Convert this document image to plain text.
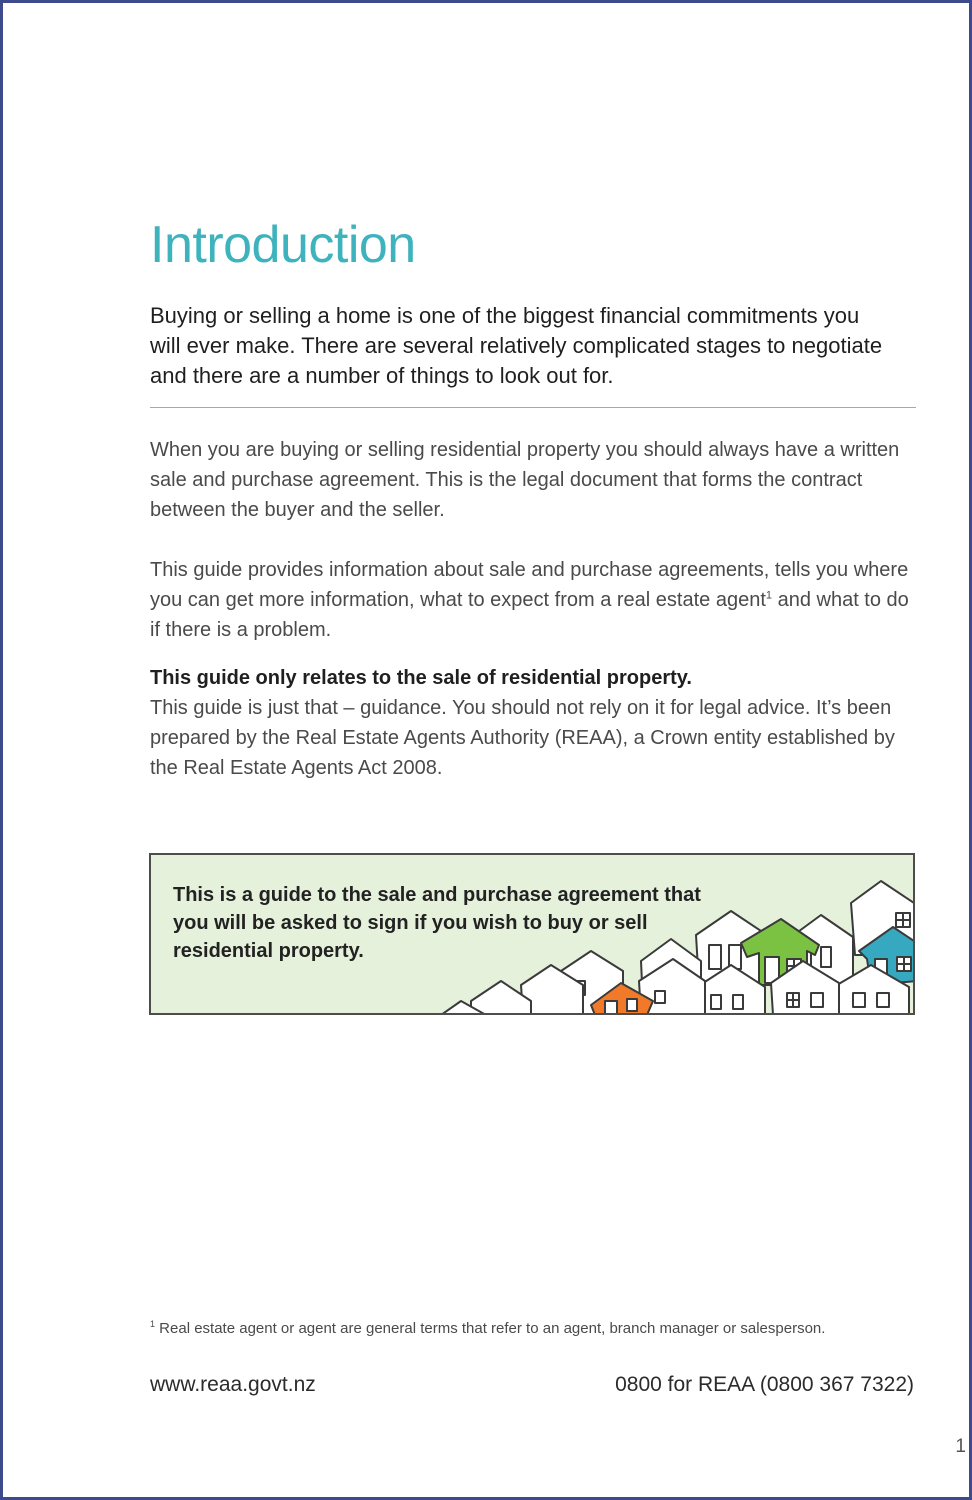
Introduction

Buying or selling a home is one of the biggest financial commitments you will ever make. There are several relatively complicated stages to negotiate and there are a number of things to look out for.

When you are buying or selling residential property you should always have a written sale and purchase agreement. This is the legal document that forms the contract between the buyer and the seller.

This guide provides information about sale and purchase agreements, tells you where you can get more information, what to expect from a real estate agent$^1$ and what to do if there is a problem.

This guide only relates to the sale of residential property.

This guide is just that – guidance. You should not rely on it for legal advice. It’s been prepared by the Real Estate Agents Authority (REAA), a Crown entity established by the Real Estate Agents Act 2008.

This is a guide to the sale and purchase agreement that you will be asked to sign if you wish to buy or sell residential property.

$^1$ Real estate agent or agent are general terms that refer to an agent, branch manager or salesperson.

www.reaa.govt.nz	0800 for REAA (0800 367 7322)
1
